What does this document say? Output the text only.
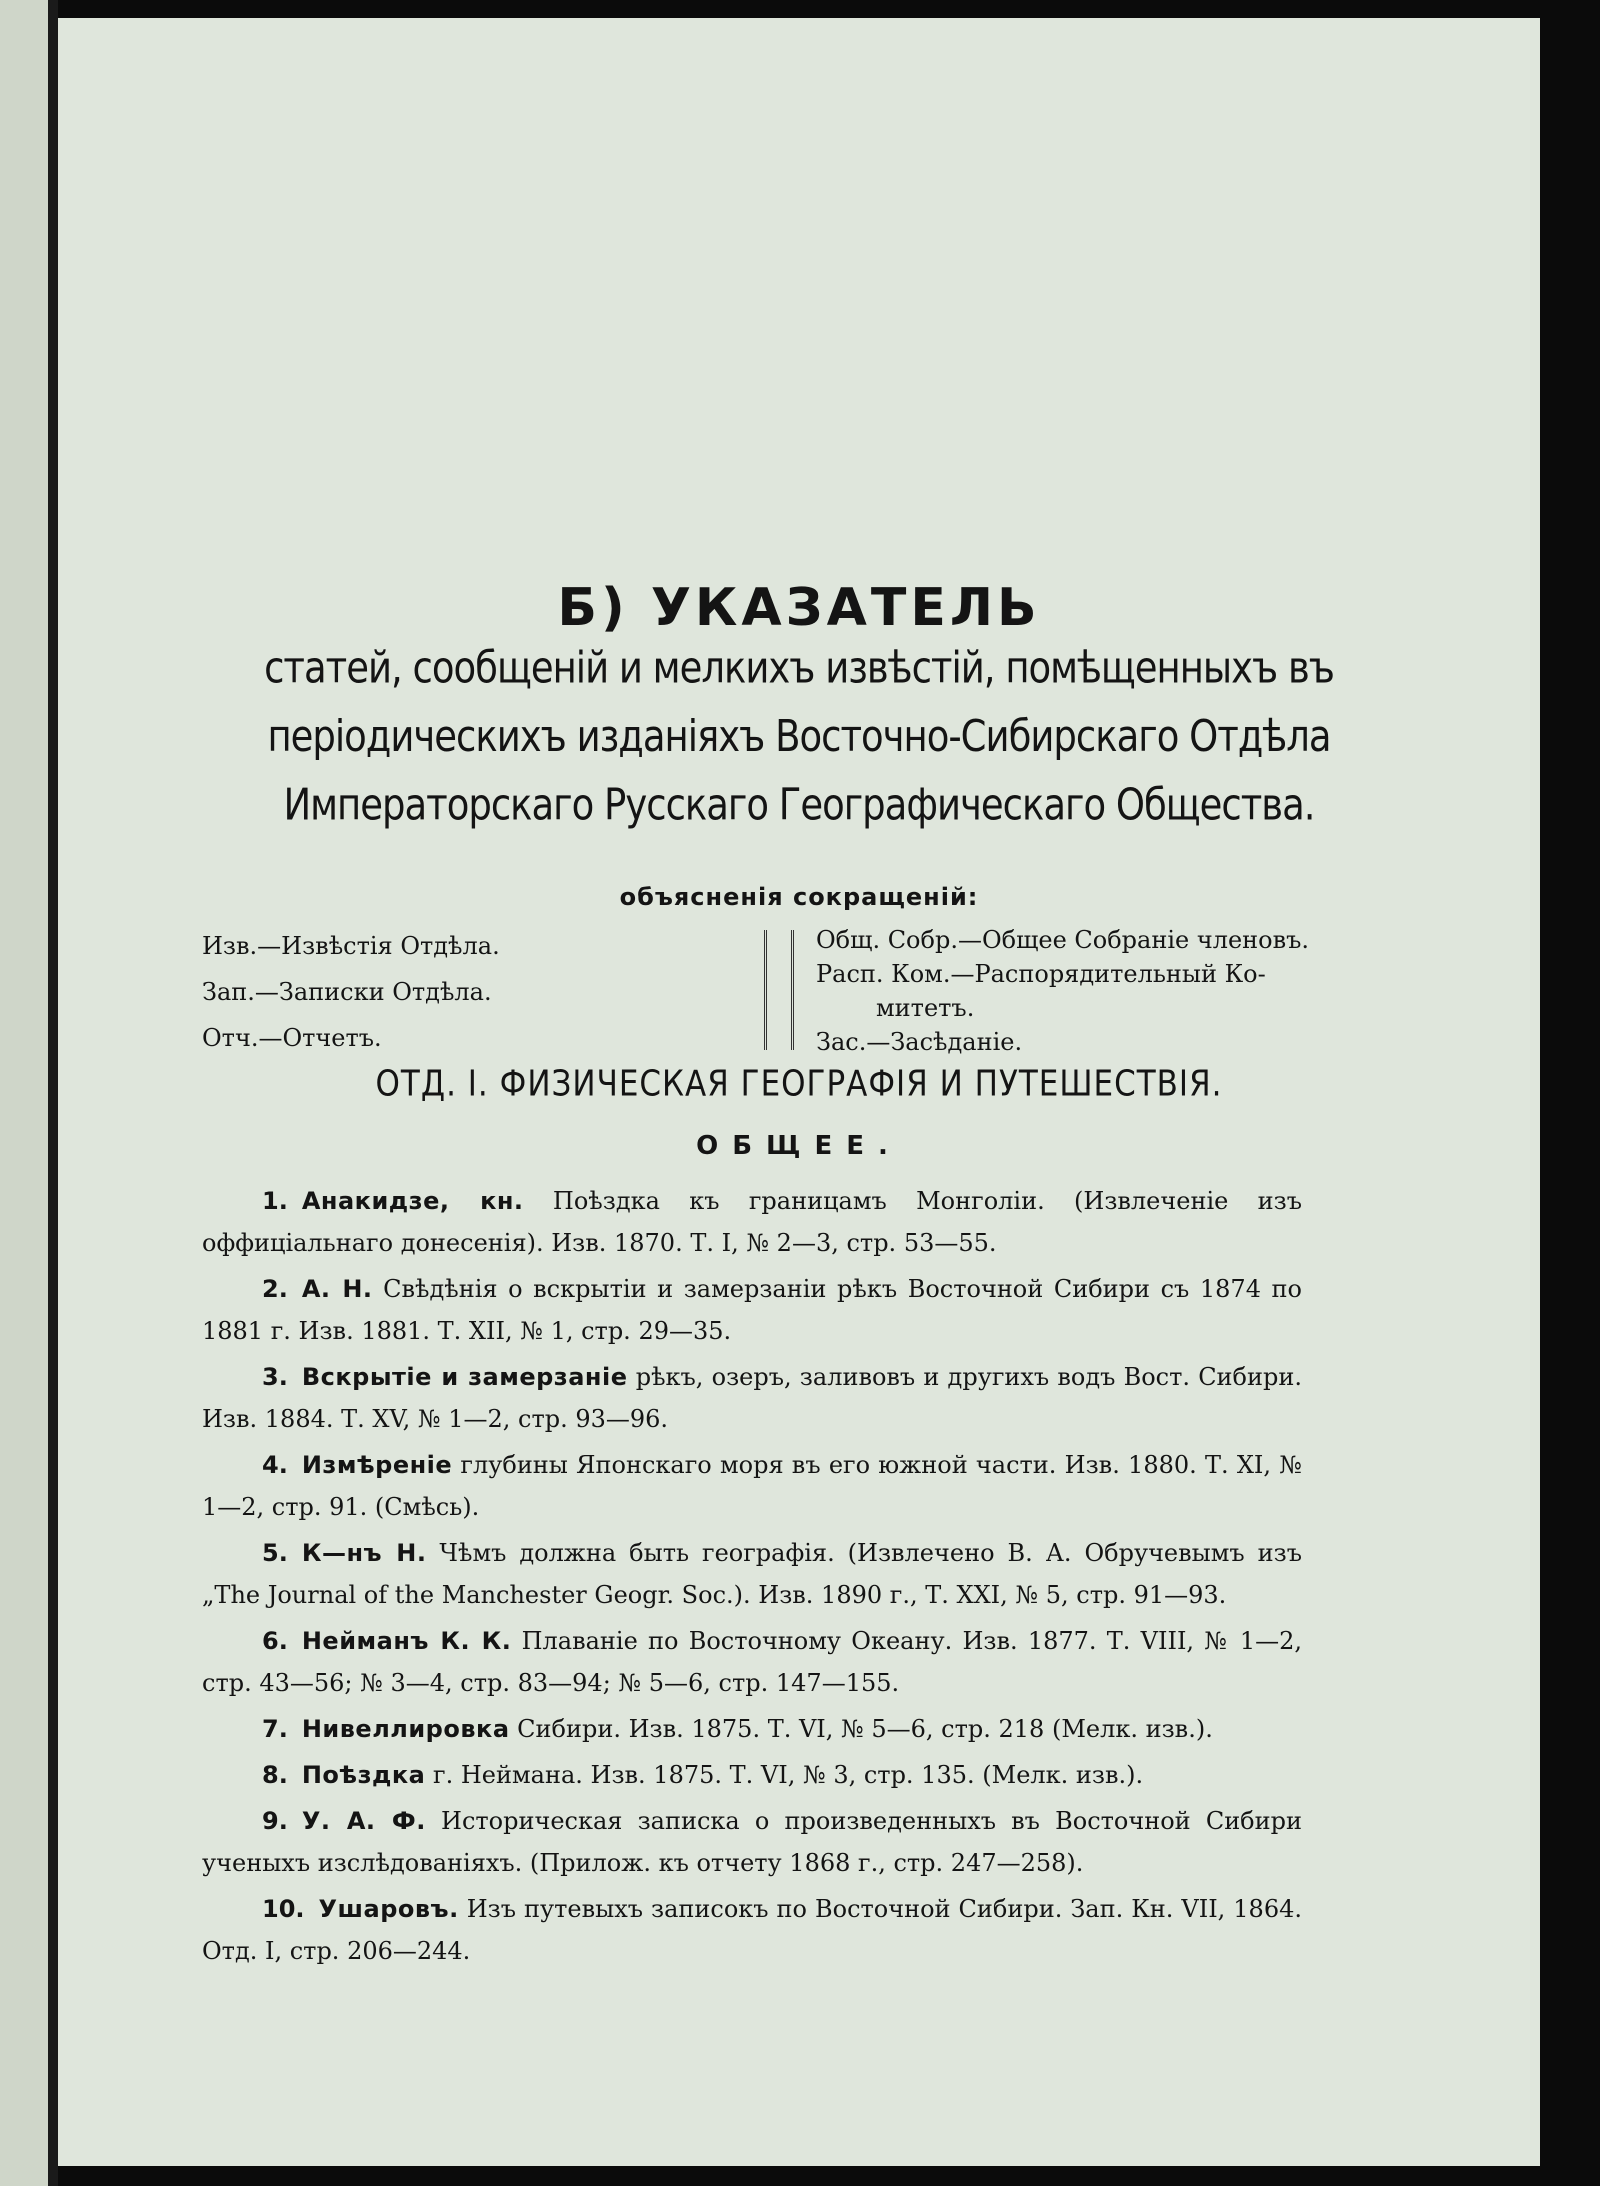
Б) УКАЗАТЕЛЬ
статей, сообщеній и мелкихъ извѣстій, помѣщенныхъ въ періодическихъ изданіяхъ Восточно-Сибирскаго Отдѣла Императорскаго Русскаго Географическаго Общества.
объясненія сокращеній:
Изв.—Извѣстія Отдѣла.
Зап.—Записки Отдѣла.
Отч.—Отчетъ.
Общ. Собр.—Общее Собраніе членовъ.
Расп. Ком.—Распорядительный Ко-
митетъ.
Зас.—Засѣданіе.
ОТД. I. ФИЗИЧЕСКАЯ ГЕОГРАФІЯ И ПУТЕШЕСТВІЯ.
ОБЩЕЕ.

1. Анакидзе, кн. Поѣздка къ границамъ Монголіи. (Извлеченіе изъ оффиціальнаго донесенія). Изв. 1870. Т. I, № 2—3, стр. 53—55.

2. А. Н. Свѣдѣнія о вскрытіи и замерзаніи рѣкъ Восточной Сибири съ 1874 по 1881 г. Изв. 1881. Т. XII, № 1, стр. 29—35.

3. Вскрытіе и замерзаніе рѣкъ, озеръ, заливовъ и другихъ водъ Вост. Сибири. Изв. 1884. Т. XV, № 1—2, стр. 93—96.

4. Измѣреніе глубины Японскаго моря въ его южной части. Изв. 1880. Т. XI, № 1—2, стр. 91. (Смѣсь).

5. К—нъ Н. Чѣмъ должна быть географія. (Извлечено В. А. Обручевымъ изъ „The Journal of the Manchester Geogr. Soc.). Изв. 1890 г., Т. XXI, № 5, стр. 91—93.

6. Нейманъ К. К. Плаваніе по Восточному Океану. Изв. 1877. Т. VIII, № 1—2, стр. 43—56; № 3—4, стр. 83—94; № 5—6, стр. 147—155.

7. Нивеллировка Сибири. Изв. 1875. Т. VI, № 5—6, стр. 218 (Мелк. изв.).

8. Поѣздка г. Неймана. Изв. 1875. Т. VI, № 3, стр. 135. (Мелк. изв.).

9. У. А. Ф. Историческая записка о произведенныхъ въ Восточной Сибири ученыхъ изслѣдованіяхъ. (Прилож. къ отчету 1868 г., стр. 247—258).

10. Ушаровъ. Изъ путевыхъ записокъ по Восточной Сибири. Зап. Кн. VII, 1864. Отд. I, стр. 206—244.
